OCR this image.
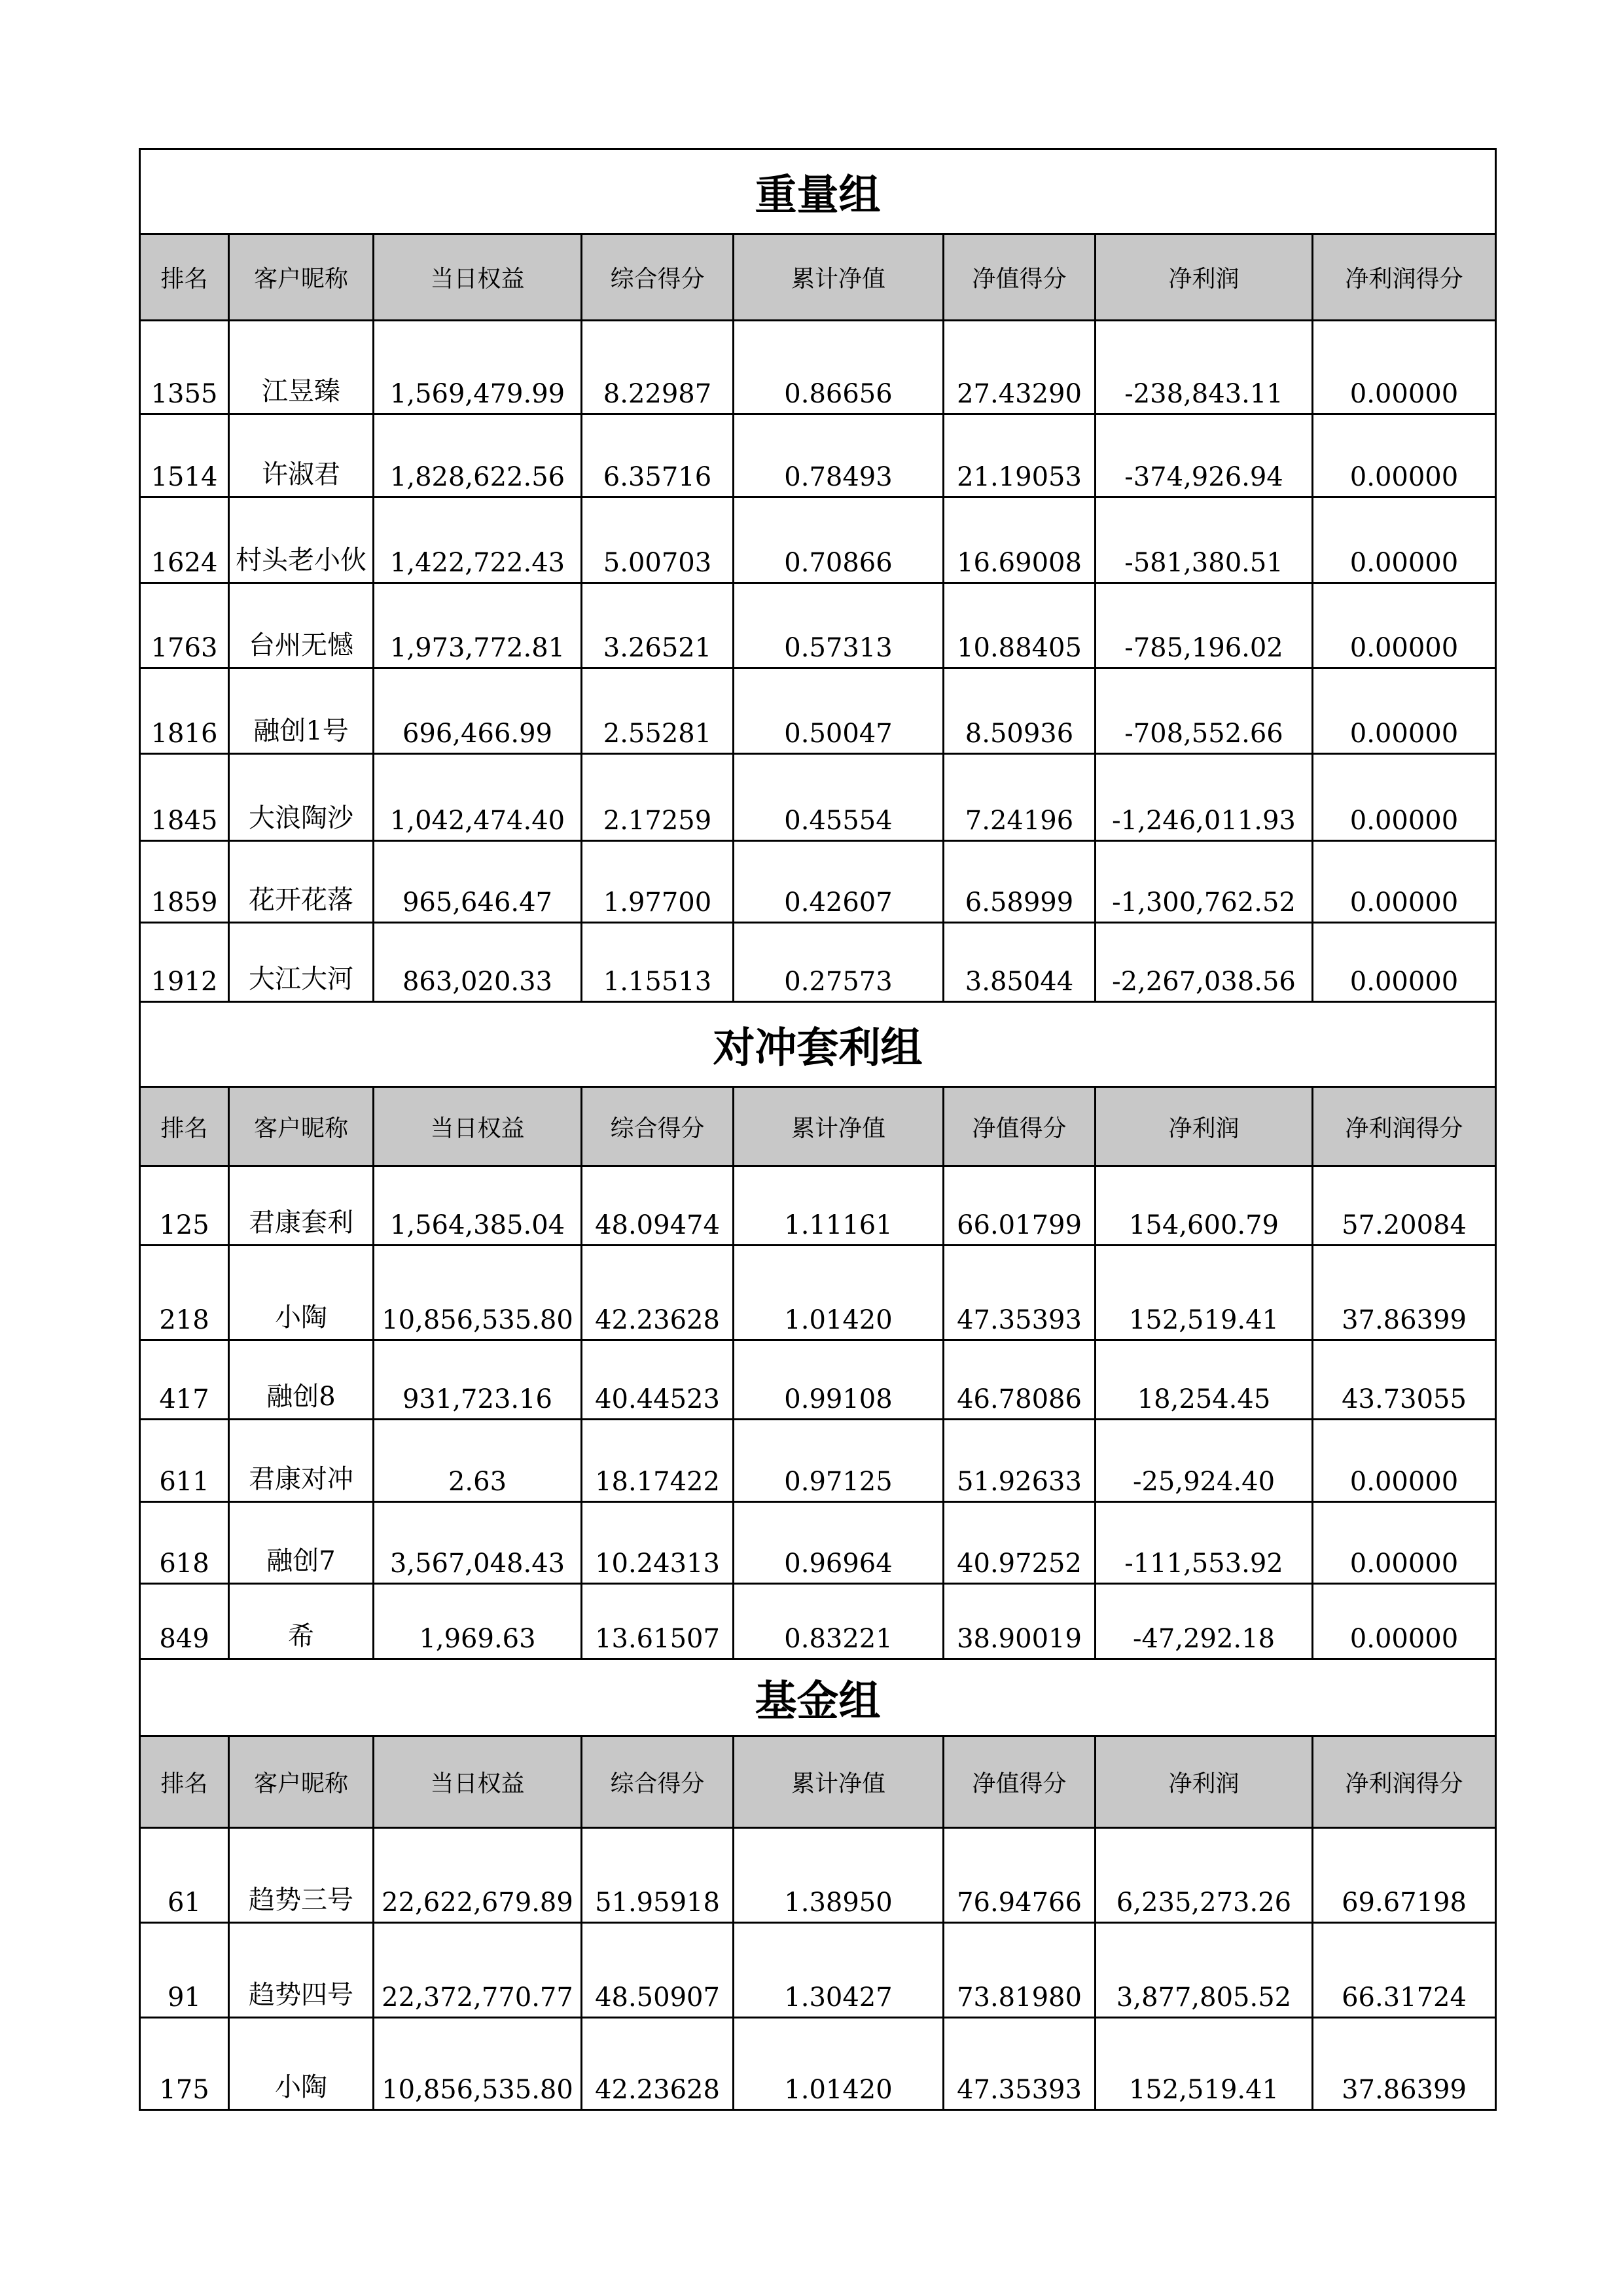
重量组							
排名	客户昵称	当日权益	综合得分	累计净值	净值得分	净利润	净利润得分
1355	江昱臻	1,569,479.99	8.22987	0.86656	27.43290	-238,843.11	0.00000
1514	许淑君	1,828,622.56	6.35716	0.78493	21.19053	-374,926.94	0.00000
1624	村头老小伙	1,422,722.43	5.00703	0.70866	16.69008	-581,380.51	0.00000
1763	台州无憾	1,973,772.81	3.26521	0.57313	10.88405	-785,196.02	0.00000
1816	融创1号	696,466.99	2.55281	0.50047	8.50936	-708,552.66	0.00000
1845	大浪陶沙	1,042,474.40	2.17259	0.45554	7.24196	-1,246,011.93	0.00000
1859	花开花落	965,646.47	1.97700	0.42607	6.58999	-1,300,762.52	0.00000
1912	大江大河	863,020.33	1.15513	0.27573	3.85044	-2,267,038.56	0.00000
对冲套利组							
排名	客户昵称	当日权益	综合得分	累计净值	净值得分	净利润	净利润得分
125	君康套利	1,564,385.04	48.09474	1.11161	66.01799	154,600.79	57.20084
218	小陶	10,856,535.80	42.23628	1.01420	47.35393	152,519.41	37.86399
417	融创8	931,723.16	40.44523	0.99108	46.78086	18,254.45	43.73055
611	君康对冲	2.63	18.17422	0.97125	51.92633	-25,924.40	0.00000
618	融创7	3,567,048.43	10.24313	0.96964	40.97252	-111,553.92	0.00000
849	希	1,969.63	13.61507	0.83221	38.90019	-47,292.18	0.00000
基金组							
排名	客户昵称	当日权益	综合得分	累计净值	净值得分	净利润	净利润得分
61	趋势三号	22,622,679.89	51.95918	1.38950	76.94766	6,235,273.26	69.67198
91	趋势四号	22,372,770.77	48.50907	1.30427	73.81980	3,877,805.52	66.31724
175	小陶	10,856,535.80	42.23628	1.01420	47.35393	152,519.41	37.86399
